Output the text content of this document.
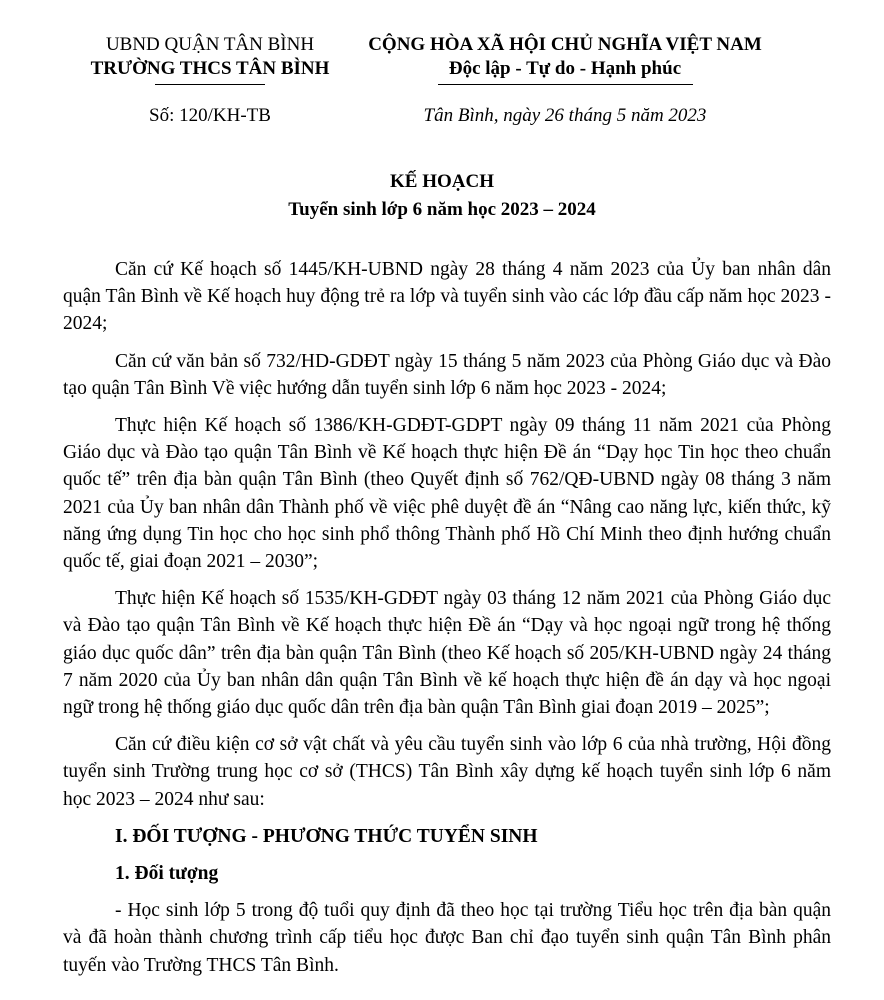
UBND QUẬN TÂN BÌNH
TRƯỜNG THCS TÂN BÌNH
CỘNG HÒA XÃ HỘI CHỦ NGHĨA VIỆT NAM
Độc lập - Tự do - Hạnh phúc
Số: 120/KH-TB	Tân Bình, ngày 26 tháng 5 năm 2023
KẾ HOẠCH
Tuyển sinh lớp 6 năm học 2023 – 2024

Căn cứ Kế hoạch số 1445/KH-UBND ngày 28 tháng 4 năm 2023 của Ủy ban nhân dân quận Tân Bình về Kế hoạch huy động trẻ ra lớp và tuyển sinh vào các lớp đầu cấp năm học 2023 - 2024;

Căn cứ văn bản số 732/HD-GDĐT ngày 15 tháng 5 năm 2023 của Phòng Giáo dục và Đào tạo quận Tân Bình Về việc hướng dẫn tuyển sinh lớp 6 năm học 2023 - 2024;

Thực hiện Kế hoạch số 1386/KH-GDĐT-GDPT ngày 09 tháng 11 năm 2021 của Phòng Giáo dục và Đào tạo quận Tân Bình về Kế hoạch thực hiện Đề án “Dạy học Tin học theo chuẩn quốc tế” trên địa bàn quận Tân Bình (theo Quyết định số 762/QĐ-UBND ngày 08 tháng 3 năm 2021 của Ủy ban nhân dân Thành phố về việc phê duyệt đề án “Nâng cao năng lực, kiến thức, kỹ năng ứng dụng Tin học cho học sinh phổ thông Thành phố Hồ Chí Minh theo định hướng chuẩn quốc tế, giai đoạn 2021 – 2030”;

Thực hiện Kế hoạch số 1535/KH-GDĐT ngày 03 tháng 12 năm 2021 của Phòng Giáo dục và Đào tạo quận Tân Bình về Kế hoạch thực hiện Đề án “Dạy và học ngoại ngữ trong hệ thống giáo dục quốc dân” trên địa bàn quận Tân Bình (theo Kế hoạch số 205/KH-UBND ngày 24 tháng 7 năm 2020 của Ủy ban nhân dân quận Tân Bình về kế hoạch thực hiện đề án dạy và học ngoại ngữ trong hệ thống giáo dục quốc dân trên địa bàn quận Tân Bình giai đoạn 2019 – 2025”;

Căn cứ điều kiện cơ sở vật chất và yêu cầu tuyển sinh vào lớp 6 của nhà trường, Hội đồng tuyển sinh Trường trung học cơ sở (THCS) Tân Bình xây dựng kế hoạch tuyển sinh lớp 6 năm học 2023 – 2024 như sau:

I. ĐỐI TƯỢNG - PHƯƠNG THỨC TUYỂN SINH

1. Đối tượng

- Học sinh lớp 5 trong độ tuổi quy định đã theo học tại trường Tiểu học trên địa bàn quận và đã hoàn thành chương trình cấp tiểu học được Ban chỉ đạo tuyển sinh quận Tân Bình phân tuyến vào Trường THCS Tân Bình.
